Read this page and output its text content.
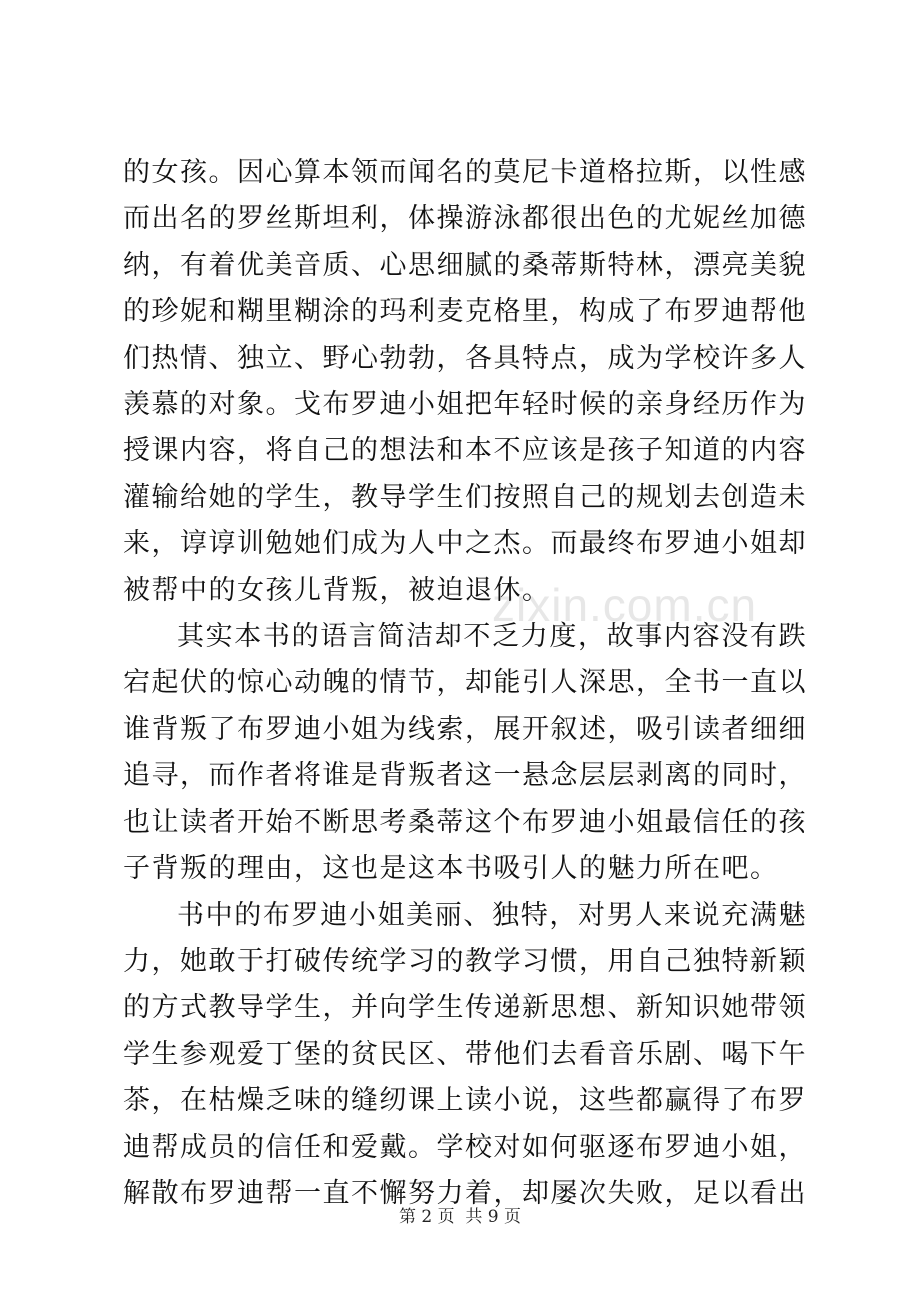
zixin.com.cn

的女孩。因心算本领而闻名的莫尼卡道格拉斯，以性感而出名的罗丝斯坦利，体操游泳都很出色的尤妮丝加德纳，有着优美音质、心思细腻的桑蒂斯特林，漂亮美貌的珍妮和糊里糊涂的玛利麦克格里，构成了布罗迪帮他们热情、独立、野心勃勃，各具特点，成为学校许多人羡慕的对象。戈布罗迪小姐把年轻时候的亲身经历作为授课内容，将自己的想法和本不应该是孩子知道的内容灌输给她的学生，教导学生们按照自己的规划去创造未来，谆谆训勉她们成为人中之杰。而最终布罗迪小姐却被帮中的女孩儿背叛，被迫退休。

其实本书的语言简洁却不乏力度，故事内容没有跌宕起伏的惊心动魄的情节，却能引人深思，全书一直以谁背叛了布罗迪小姐为线索，展开叙述，吸引读者细细追寻，而作者将谁是背叛者这一悬念层层剥离的同时，也让读者开始不断思考桑蒂这个布罗迪小姐最信任的孩子背叛的理由，这也是这本书吸引人的魅力所在吧。

书中的布罗迪小姐美丽、独特，对男人来说充满魅力，她敢于打破传统学习的教学习惯，用自己独特新颖的方式教导学生，并向学生传递新思想、新知识她带领学生参观爱丁堡的贫民区、带他们去看音乐剧、喝下午茶，在枯燥乏味的缝纫课上读小说，这些都赢得了布罗迪帮成员的信任和爱戴。学校对如何驱逐布罗迪小姐，解散布罗迪帮一直不懈努力着，却屡次失败，足以看出

第 2 页  共 9 页
